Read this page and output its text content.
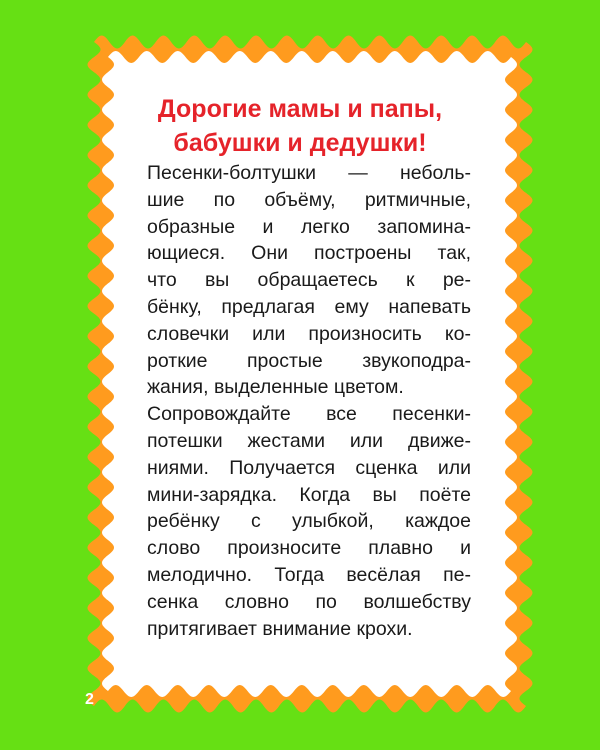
Дорогие мамы и папы,
бабушки и дедушки!
Песенки-болтушки — неболь-
шие по объёму, ритмичные,
образные и легко запомина-
ющиеся. Они построены так,
что вы обращаетесь к ре-
бёнку, предлагая ему напевать
словечки или произносить ко-
роткие простые звукоподра-
жания, выделенные цветом.
Сопровождайте все песенки-
потешки жестами или движе-
ниями. Получается сценка или
мини-зарядка. Когда вы поёте
ребёнку с улыбкой, каждое
слово произносите плавно и
мелодично. Тогда весёлая пе-
сенка словно по волшебству
притягивает внимание крохи.
2
